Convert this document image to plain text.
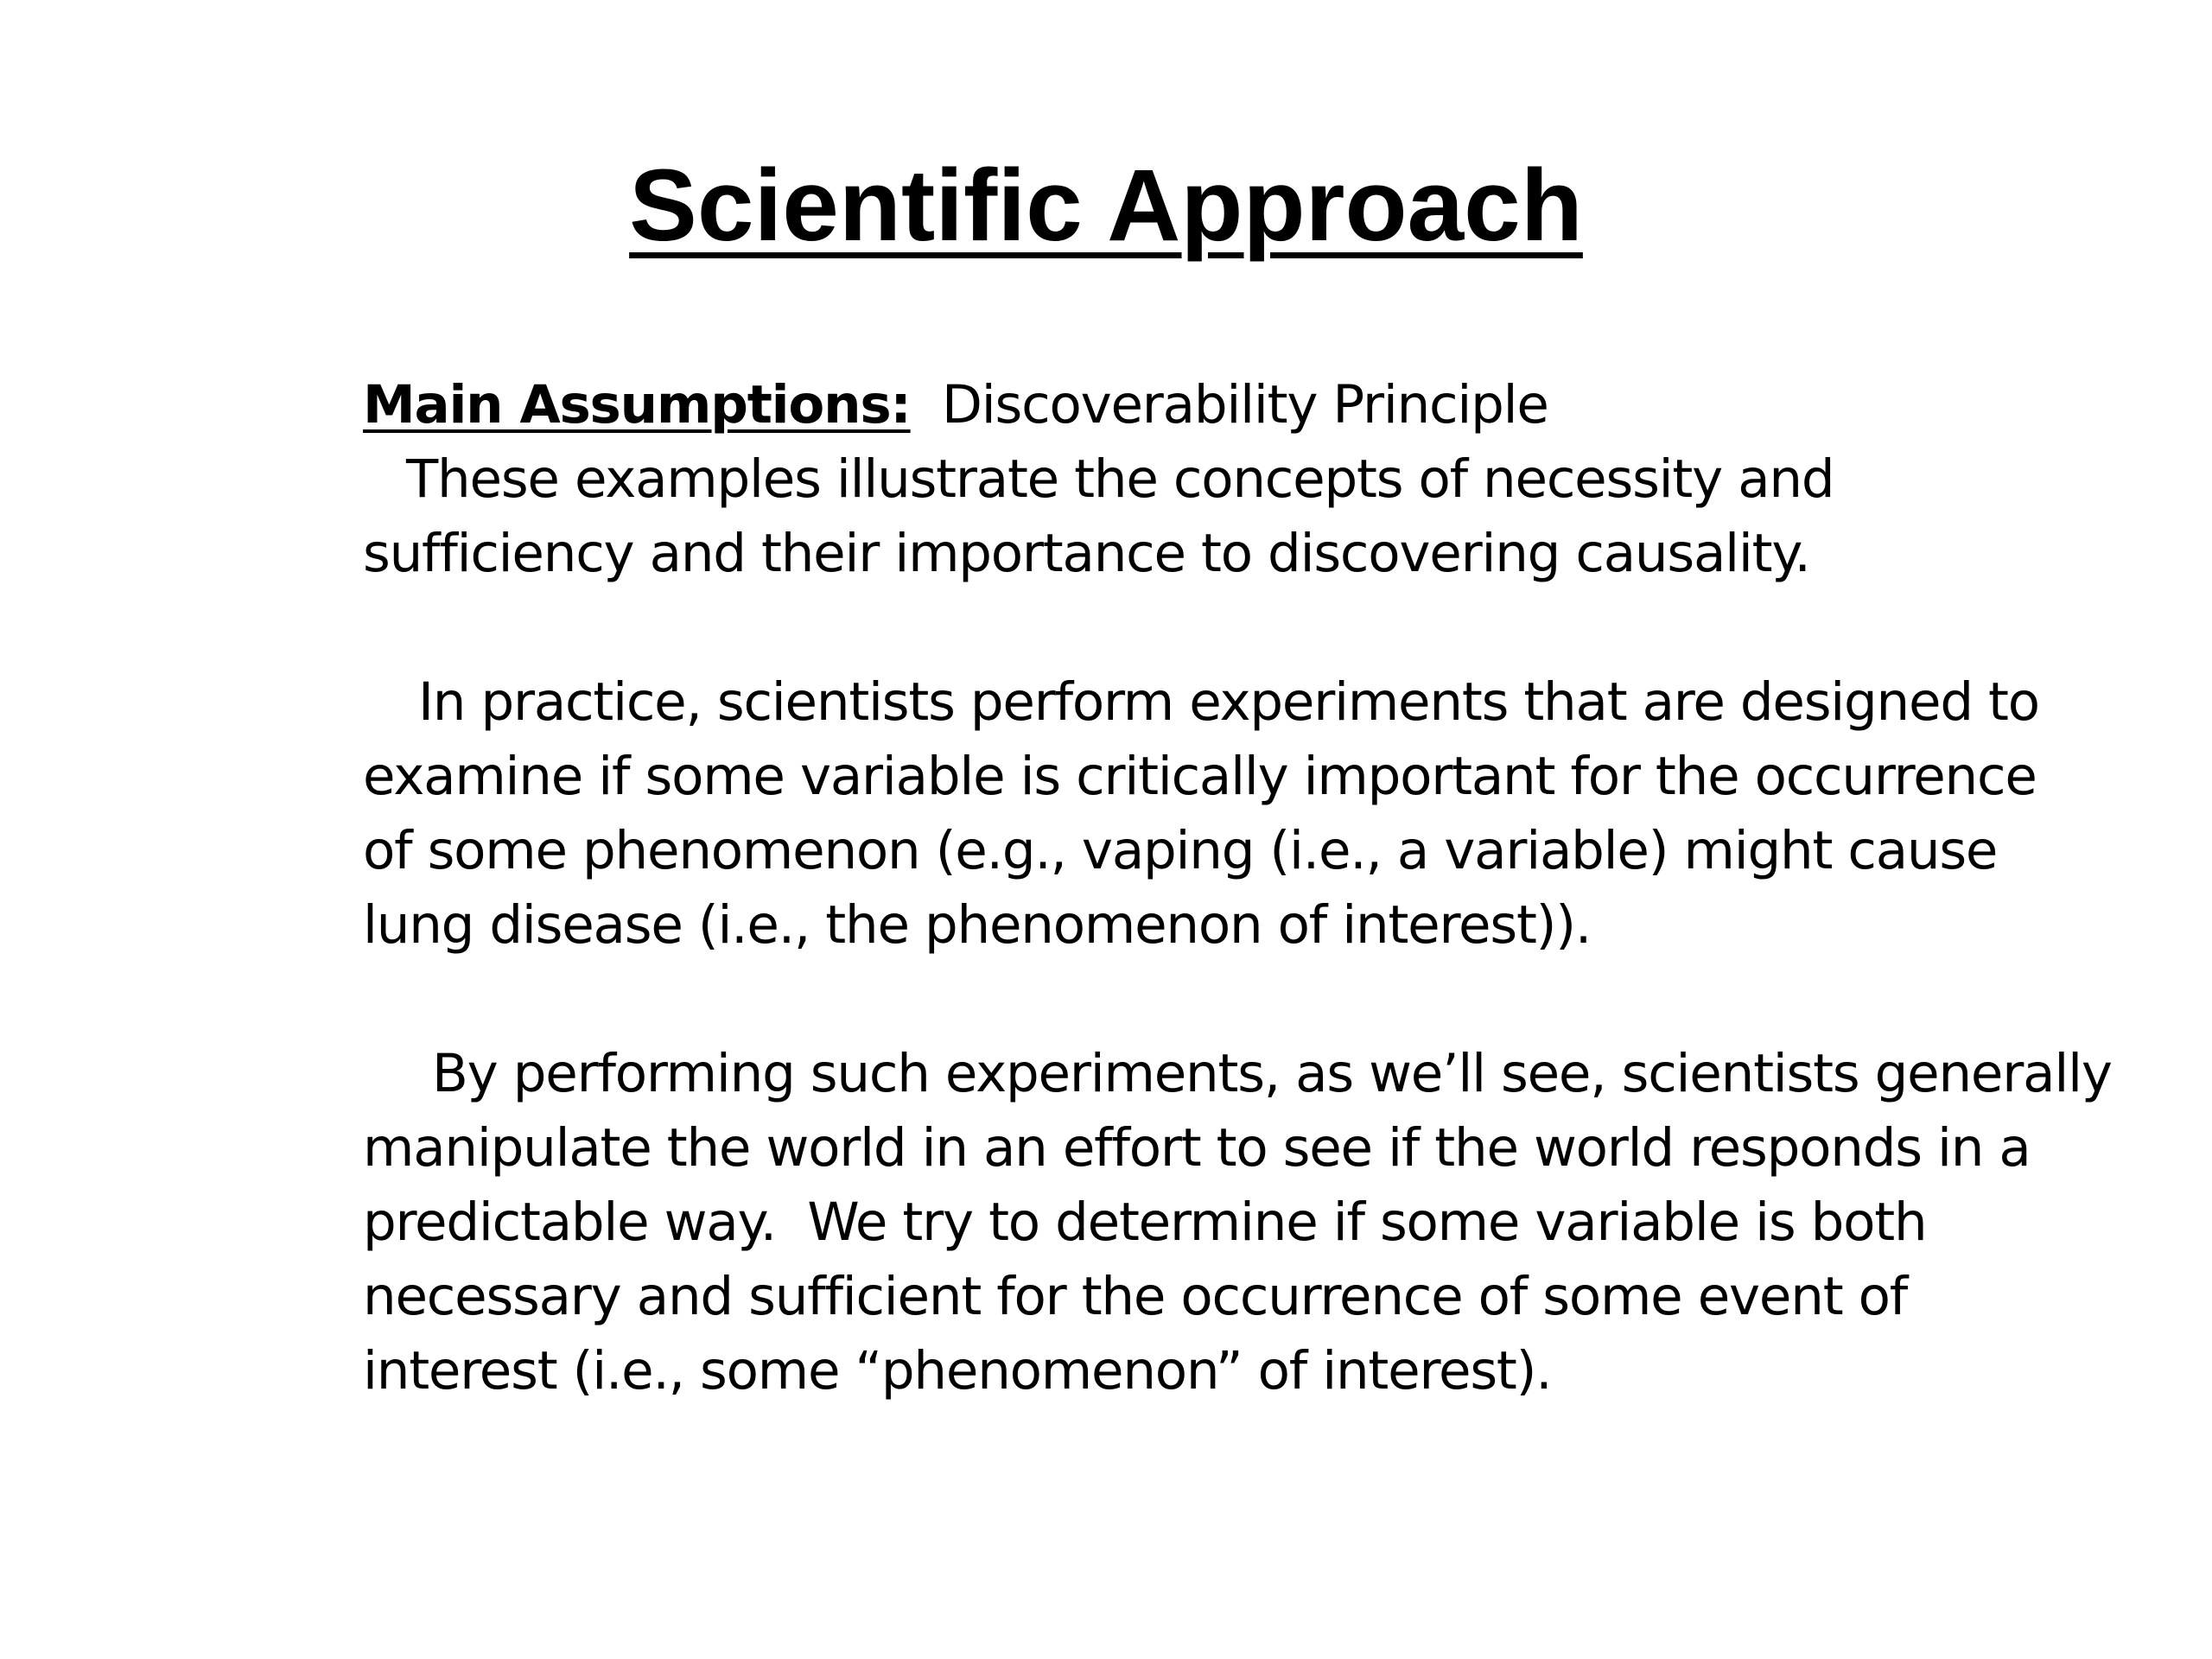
Scientific Approach
Main Assumptions: Discoverability Principle
These examples illustrate the concepts of necessity and
sufficiency and their importance to discovering causality.
In practice, scientists perform experiments that are designed to
examine if some variable is critically important for the occurrence
of some phenomenon (e.g., vaping (i.e., a variable) might cause
lung disease (i.e., the phenomenon of interest)).
By performing such experiments, as we’ll see, scientists generally
manipulate the world in an effort to see if the world responds in a
predictable way.  We try to determine if some variable is both
necessary and sufficient for the occurrence of some event of
interest (i.e., some “phenomenon” of interest).
